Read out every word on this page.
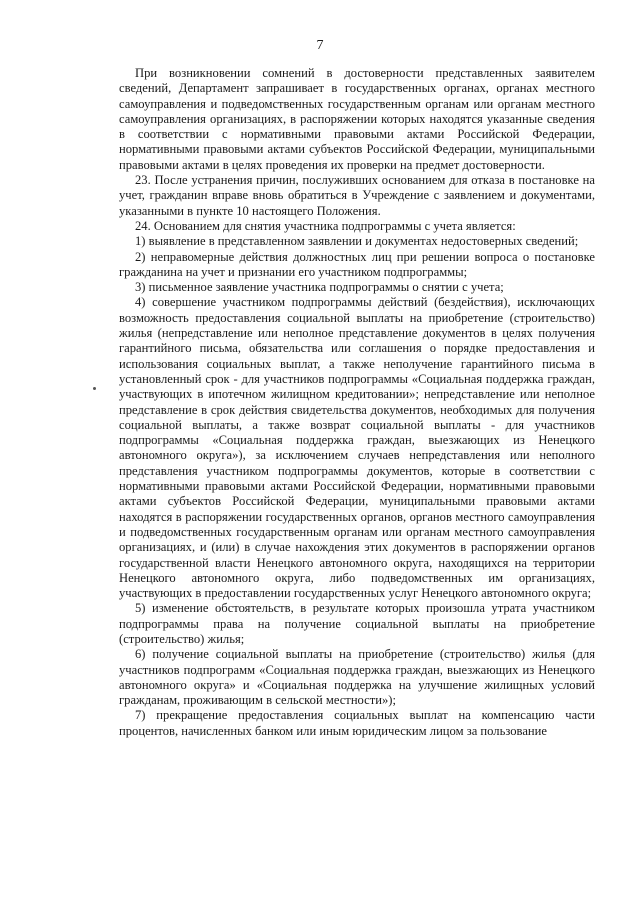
7

При возникновении сомнений в достоверности представленных заявителем сведений, Департамент запрашивает в государственных органах, органах местного самоуправления и подведомственных государственным органам или органам местного самоуправления организациях, в распоряжении которых находятся указанные сведения в соответствии с нормативными правовыми актами Российской Федерации, нормативными правовыми актами субъектов Российской Федерации, муниципальными правовыми актами в целях проведения их проверки на предмет достоверности.

23. После устранения причин, послуживших основанием для отказа в постановке на учет, гражданин вправе вновь обратиться в Учреждение с заявлением и документами, указанными в пункте 10 настоящего Положения.

24. Основанием для снятия участника подпрограммы с учета является:

1) выявление в представленном заявлении и документах недостоверных сведений;

2) неправомерные действия должностных лиц при решении вопроса о постановке гражданина на учет и признании его участником подпрограммы;

3) письменное заявление участника подпрограммы о снятии с учета;

4) совершение участником подпрограммы действий (бездействия), исключающих возможность предоставления социальной выплаты на приобретение (строительство) жилья (непредставление или неполное представление документов в целях получения гарантийного письма, обязательства или соглашения о порядке предоставления и использования социальных выплат, а также неполучение гарантийного письма в установленный срок - для участников подпрограммы «Социальная поддержка граждан, участвующих в ипотечном жилищном кредитовании»; непредставление или неполное представление в срок действия свидетельства документов, необходимых для получения социальной выплаты, а также возврат социальной выплаты - для участников подпрограммы «Социальная поддержка граждан, выезжающих из Ненецкого автономного округа»), за исключением случаев непредставления или неполного представления участником подпрограммы документов, которые в соответствии с нормативными правовыми актами Российской Федерации, нормативными правовыми актами субъектов Российской Федерации, муниципальными правовыми актами находятся в распоряжении государственных органов, органов местного самоуправления и подведомственных государственным органам или органам местного самоуправления организациях, и (или) в случае нахождения этих документов в распоряжении органов государственной власти Ненецкого автономного округа, находящихся на территории Ненецкого автономного округа, либо подведомственных им организациях, участвующих в предоставлении государственных услуг Ненецкого автономного округа;

5) изменение обстоятельств, в результате которых произошла утрата участником подпрограммы права на получение социальной выплаты на приобретение (строительство) жилья;

6) получение социальной выплаты на приобретение (строительство) жилья (для участников подпрограмм «Социальная поддержка граждан, выезжающих из Ненецкого автономного округа» и «Социальная поддержка на улучшение жилищных условий гражданам, проживающим в сельской местности»);

7) прекращение предоставления социальных выплат на компенсацию части процентов, начисленных банком или иным юридическим лицом за пользование
